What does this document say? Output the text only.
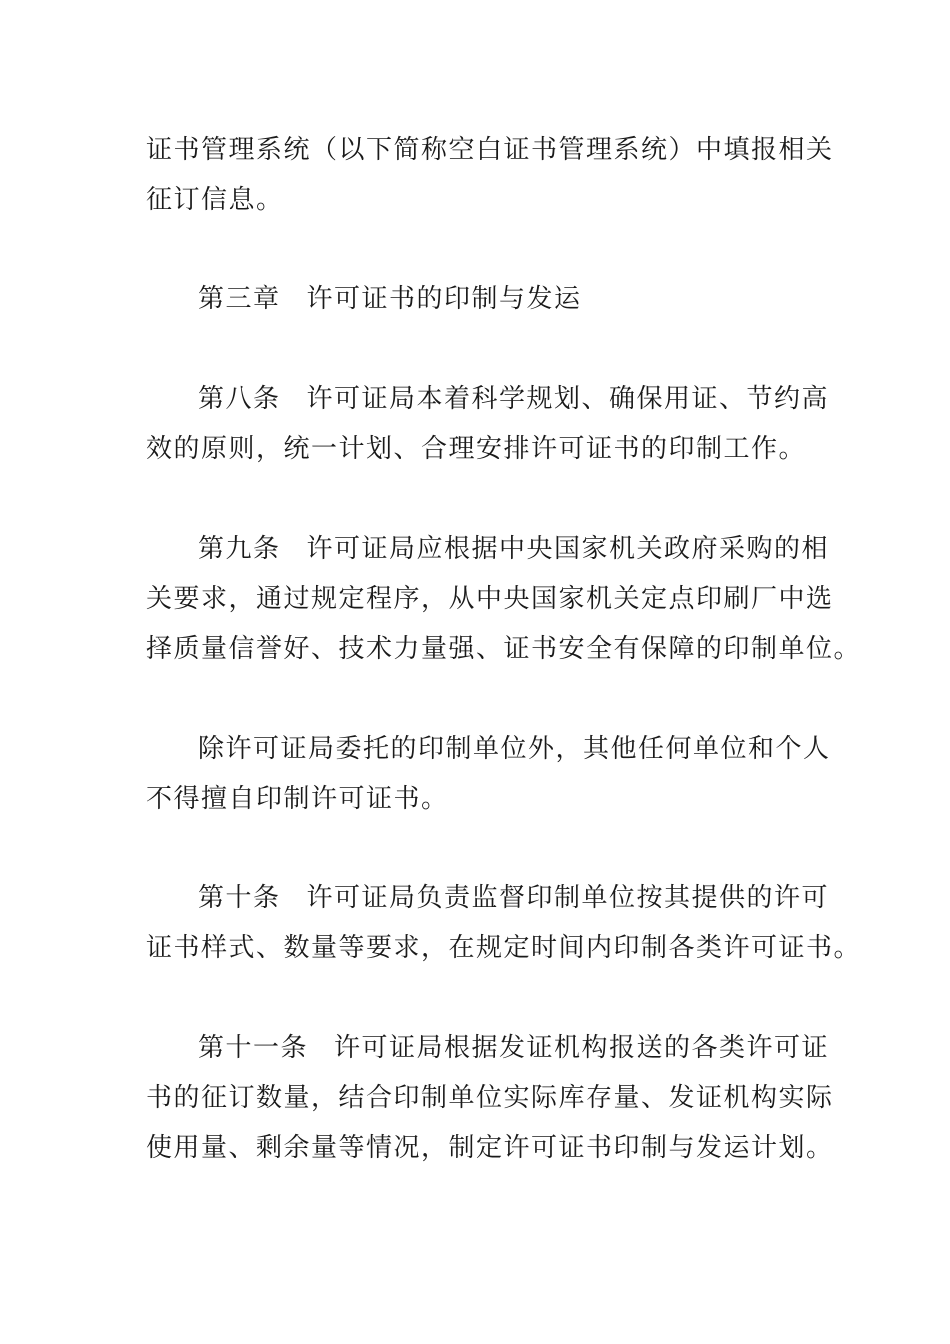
证书管理系统（以下简称空白证书管理系统）中填报相关
征订信息。
第三章 许可证书的印制与发运
第八条 许可证局本着科学规划、确保用证、节约高
效的原则，统一计划、合理安排许可证书的印制工作。
第九条 许可证局应根据中央国家机关政府采购的相
关要求，通过规定程序，从中央国家机关定点印刷厂中选
择质量信誉好、技术力量强、证书安全有保障的印制单位。
除许可证局委托的印制单位外，其他任何单位和个人
不得擅自印制许可证书。
第十条 许可证局负责监督印制单位按其提供的许可
证书样式、数量等要求，在规定时间内印制各类许可证书。
第十一条 许可证局根据发证机构报送的各类许可证
书的征订数量，结合印制单位实际库存量、发证机构实际
使用量、剩余量等情况，制定许可证书印制与发运计划。
